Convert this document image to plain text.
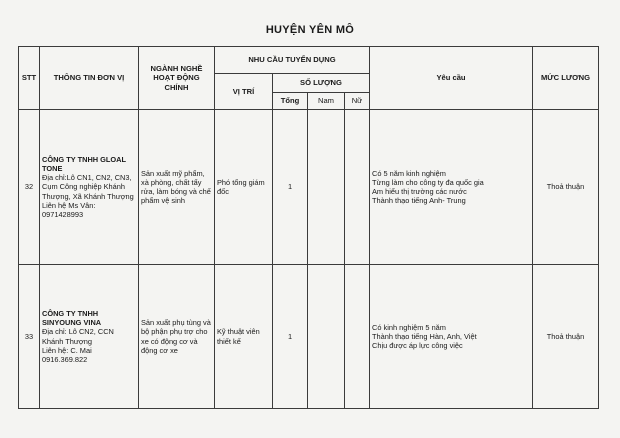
HUYỆN YÊN MÔ
STT	THÔNG TIN ĐƠN VỊ	NGÀNH NGHỀ HOẠT ĐỘNG CHÍNH	NHU CẦU TUYỂN DỤNG				Yêu cầu	MỨC LƯƠNG
			VỊ TRÍ	SỐ LƯỢNG				
				Tổng	Nam	Nữ		
32	CÔNG TY TNHH GLOAL TONE
Địa chỉ:Lô CN1, CN2, CN3, Cụm Công nghiệp Khánh Thượng, Xã Khánh Thượng
Liên hệ Ms Vân: 0971428993	Sản xuất mỹ phẩm, xà phòng, chất tẩy rửa, làm bóng và chế phẩm vệ sinh	Phó tổng giám đốc	1			Có 5 năm kinh nghiệm
Từng làm cho công ty đa quốc gia
Am hiểu thị trường các nước
Thành thạo tiếng Anh- Trung	Thoả thuận
33	CÔNG TY TNHH SINYOUNG VINA
Địa chỉ: Lô CN2, CCN Khánh Thượng
Liên hệ: C. Mai 0916.369.822	Sản xuất phụ tùng và bộ phận phụ trợ cho xe có động cơ và động cơ xe	Kỹ thuật viên thiết kế	1			Có kinh nghiệm 5 năm
Thành thạo tiếng Hàn, Anh, Việt
Chịu được áp lực công việc	Thoả thuận
